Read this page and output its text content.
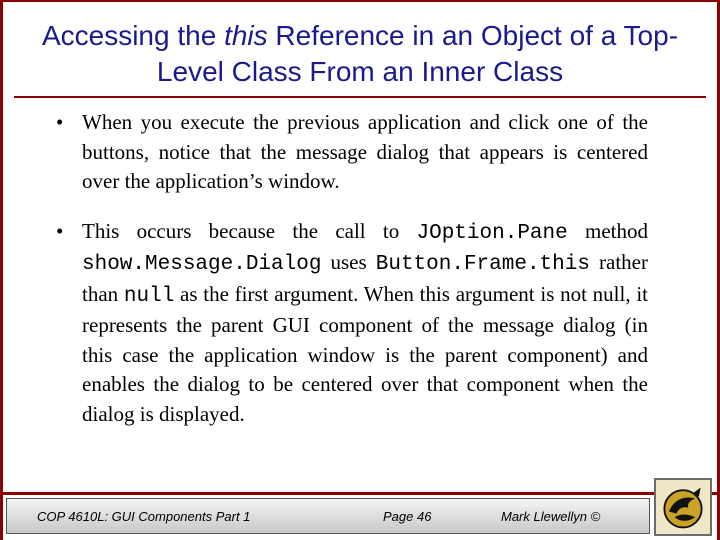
Accessing the this Reference in an Object of a Top-Level Class From an Inner Class
• When you execute the previous application and click one of the buttons, notice that the message dialog that appears is centered over the application’s window.
• This occurs because the call to JOption.Pane method show.Message.Dialog uses Button.Frame.this rather than null as the first argument. When this argument is not null, it represents the parent GUI component of the message dialog (in this case the application window is the parent component) and enables the dialog to be centered over that component when the dialog is displayed.
COP 4610L: GUI Components Part 1	Page 46	Mark Llewellyn ©
